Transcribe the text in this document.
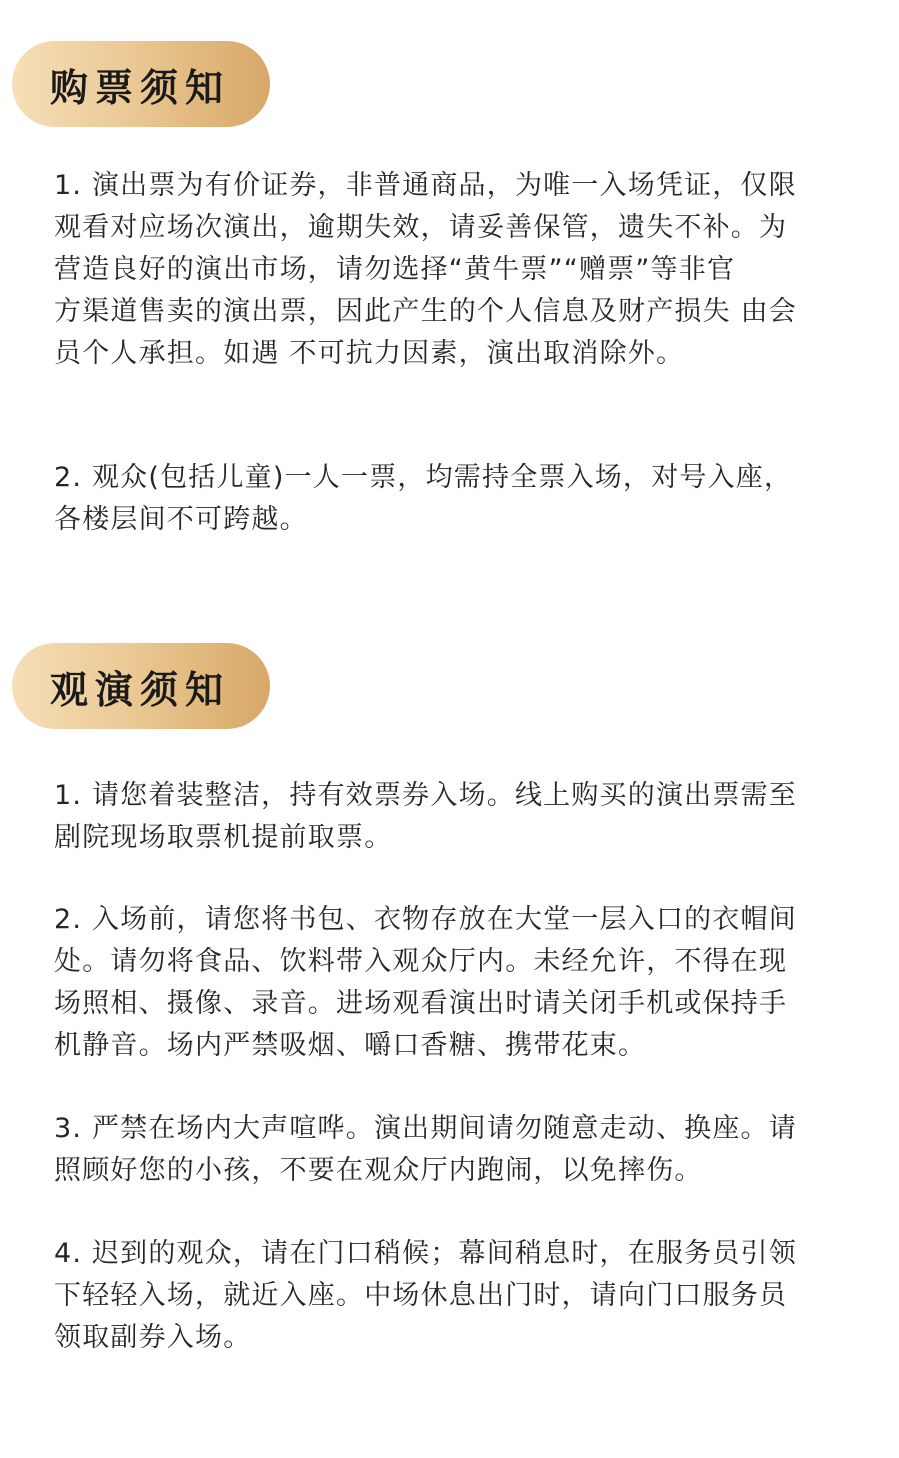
购票须知

1. 演出票为有价证券，非普通商品，为唯一入场凭证，仅限
观看对应场次演出，逾期失效，请妥善保管，遗失不补。为
营造良好的演出市场，请勿选择“黄牛票”“赠票”等非官
方渠道售卖的演出票，因此产生的个人信息及财产损失 由会
员个人承担。如遇 不可抗力因素，演出取消除外。

2. 观众(包括儿童)一人一票，均需持全票入场，对号入座，
各楼层间不可跨越。

观演须知

1. 请您着装整洁，持有效票券入场。线上购买的演出票需至
剧院现场取票机提前取票。

2. 入场前，请您将书包、衣物存放在大堂一层入口的衣帽间
处。请勿将食品、饮料带入观众厅内。未经允许，不得在现
场照相、摄像、录音。进场观看演出时请关闭手机或保持手
机静音。场内严禁吸烟、嚼口香糖、携带花束。

3. 严禁在场内大声喧哗。演出期间请勿随意走动、换座。请
照顾好您的小孩，不要在观众厅内跑闹，以免摔伤。

4. 迟到的观众，请在门口稍候；幕间稍息时，在服务员引领
下轻轻入场，就近入座。中场休息出门时，请向门口服务员
领取副券入场。
